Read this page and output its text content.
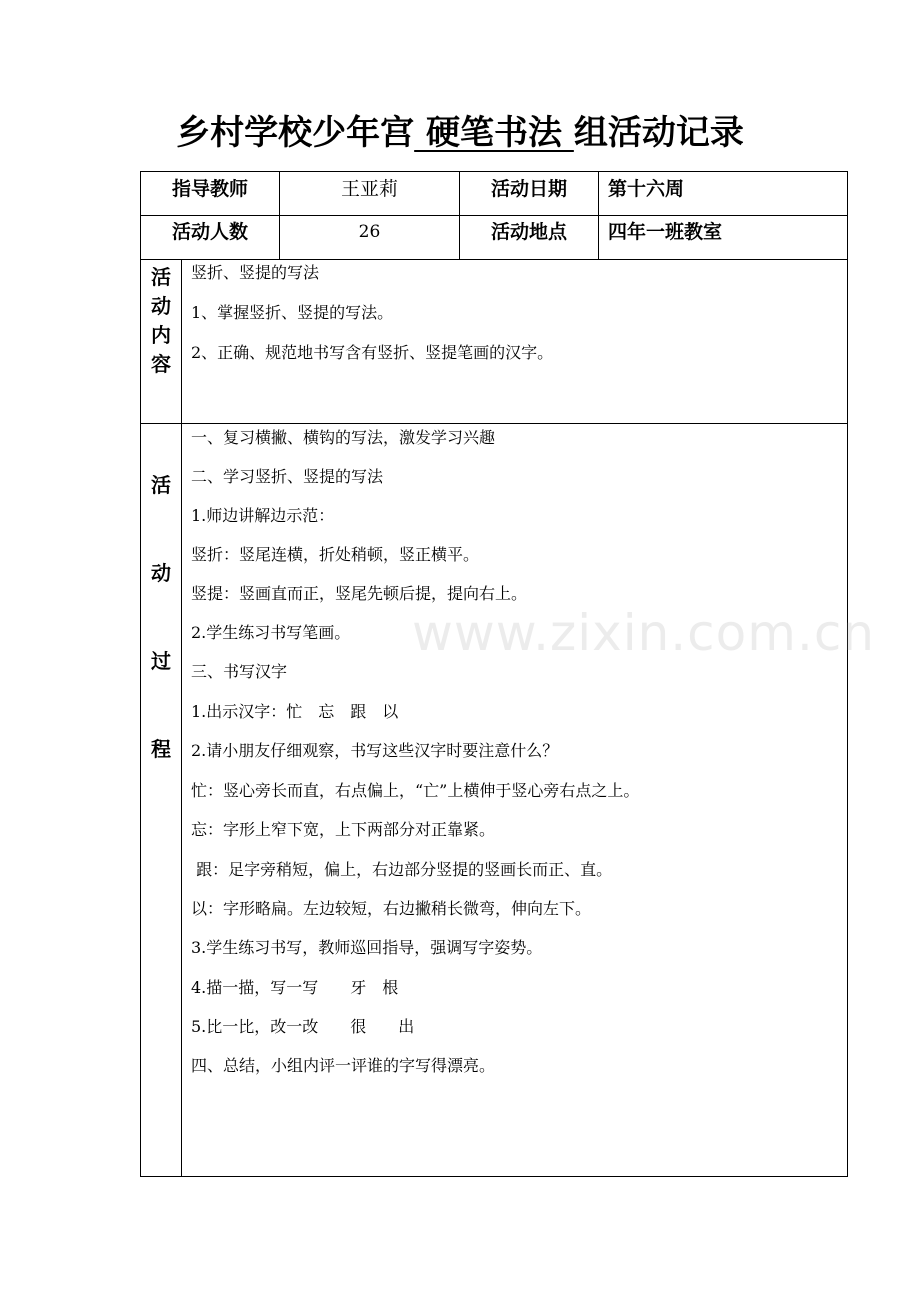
乡村学校少年宫 硬笔书法 组活动记录
指导教师	王亚莉	活动日期	第十六周
活动人数	26	活动地点	四年一班教室
活
动
内
容
竖折、竖提的写法
1、掌握竖折、竖提的写法。
2、正确、规范地书写含有竖折、竖提笔画的汉字。
活
动
过
程
一、复习横撇、横钩的写法，激发学习兴趣
二、学习竖折、竖提的写法
1.师边讲解边示范：
竖折：竖尾连横，折处稍顿，竖正横平。
竖提：竖画直而正，竖尾先顿后提，提向右上。
2.学生练习书写笔画。
三、书写汉字
1.出示汉字：忙　忘　跟　以
2.请小朋友仔细观察，书写这些汉字时要注意什么？
忙：竖心旁长而直，右点偏上，“亡”上横伸于竖心旁右点之上。
忘：字形上窄下宽，上下两部分对正靠紧。
跟：足字旁稍短，偏上，右边部分竖提的竖画长而正、直。
以：字形略扁。左边较短，右边撇稍长微弯，伸向左下。
3.学生练习书写，教师巡回指导，强调写字姿势。
4.描一描，写一写　　牙　根
5.比一比，改一改　　很　　出
四、总结，小组内评一评谁的字写得漂亮。
www.zixin.com.cn
